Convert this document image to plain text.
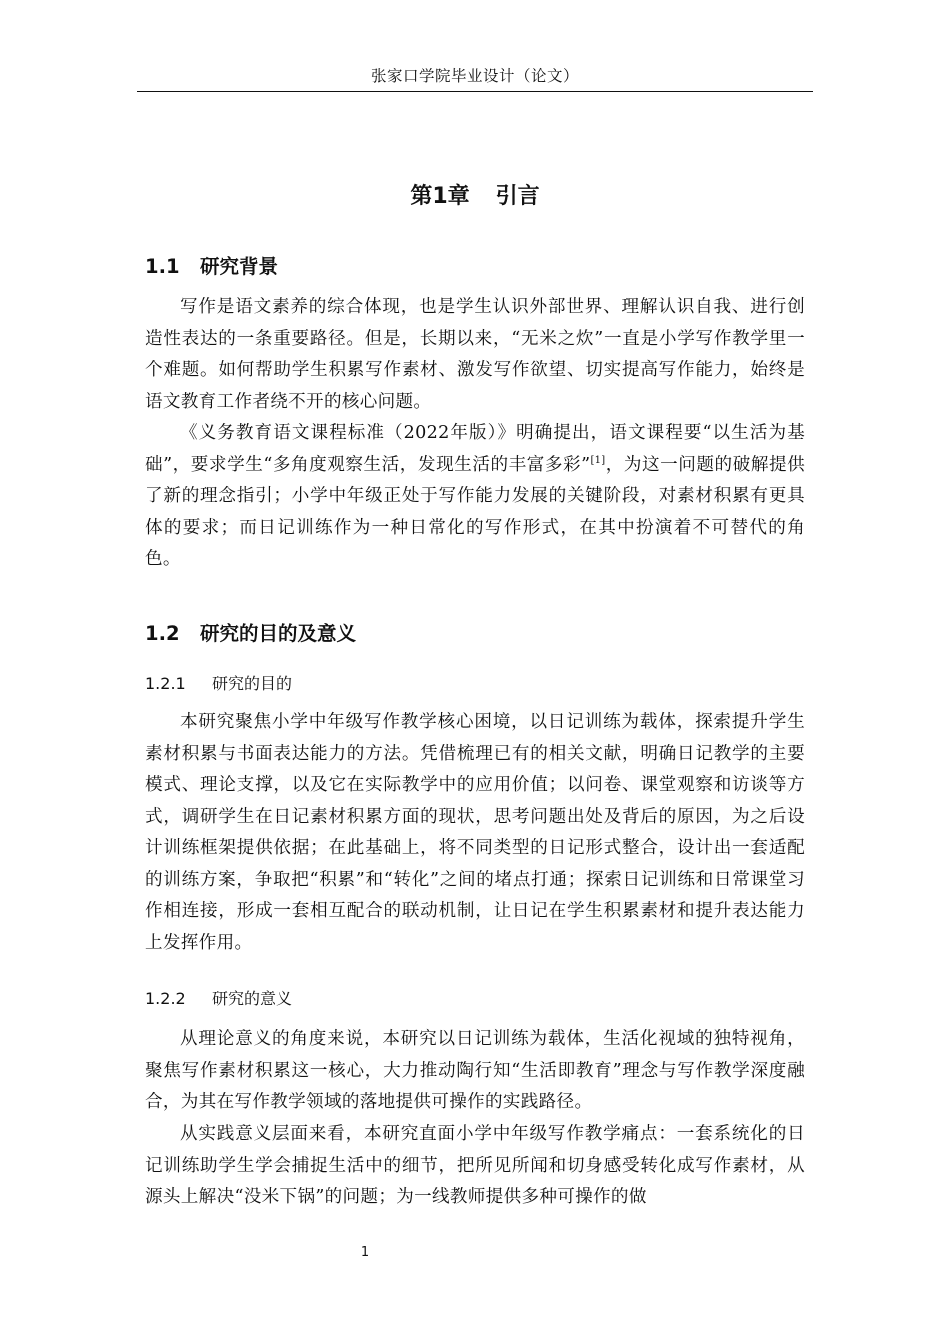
张家口学院毕业设计（论文）
第1章 引言
1.1 研究背景

写作是语文素养的综合体现，也是学生认识外部世界、理解认识自我、进行创造性表达的一条重要路径。但是，长期以来，“无米之炊”一直是小学写作教学里一个难题。如何帮助学生积累写作素材、激发写作欲望、切实提高写作能力，始终是语文教育工作者绕不开的核心问题。

《义务教育语文课程标准（2022年版）》明确提出，语文课程要“以生活为基础”，要求学生“多角度观察生活，发现生活的丰富多彩”[1]，为这一问题的破解提供了新的理念指引；小学中年级正处于写作能力发展的关键阶段，对素材积累有更具体的要求；而日记训练作为一种日常化的写作形式，在其中扮演着不可替代的角色。

1.2 研究的目的及意义
1.2.1 研究的目的

本研究聚焦小学中年级写作教学核心困境，以日记训练为载体，探索提升学生素材积累与书面表达能力的方法。凭借梳理已有的相关文献，明确日记教学的主要模式、理论支撑，以及它在实际教学中的应用价值；以问卷、课堂观察和访谈等方式，调研学生在日记素材积累方面的现状，思考问题出处及背后的原因，为之后设计训练框架提供依据；在此基础上，将不同类型的日记形式整合，设计出一套适配的训练方案，争取把“积累”和“转化”之间的堵点打通；探索日记训练和日常课堂习作相连接，形成一套相互配合的联动机制，让日记在学生积累素材和提升表达能力上发挥作用。

1.2.2 研究的意义

从理论意义的角度来说，本研究以日记训练为载体，生活化视域的独特视角，聚焦写作素材积累这一核心，大力推动陶行知“生活即教育”理念与写作教学深度融合，为其在写作教学领域的落地提供可操作的实践路径。

从实践意义层面来看，本研究直面小学中年级写作教学痛点：一套系统化的日记训练助学生学会捕捉生活中的细节，把所见所闻和切身感受转化成写作素材，从源头上解决“没米下锅”的问题；为一线教师提供多种可操作的做

1
